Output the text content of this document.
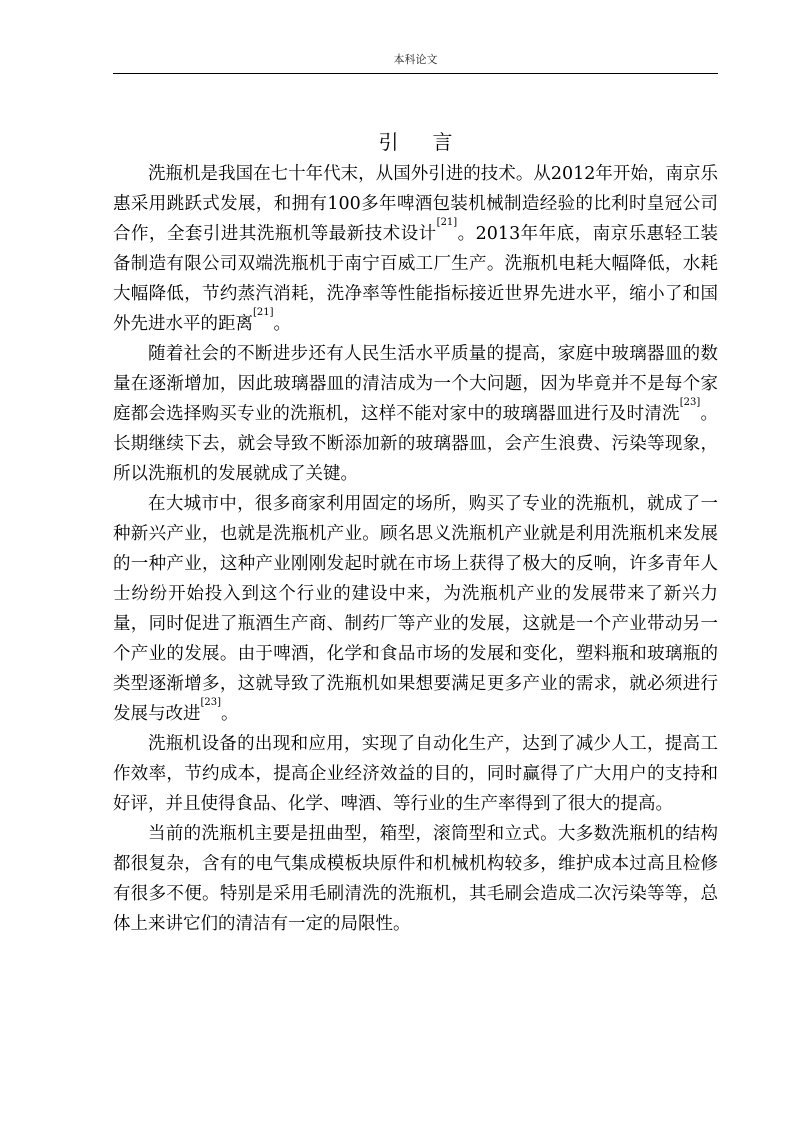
本科论文
引言

洗瓶机是我国在七十年代末，从国外引进的技术。从2012年开始，南京乐惠采用跳跃式发展，和拥有100多年啤酒包装机械制造经验的比利时皇冠公司合作，全套引进其洗瓶机等最新技术设计[21]。2013年年底，南京乐惠轻工装备制造有限公司双端洗瓶机于南宁百威工厂生产。洗瓶机电耗大幅降低，水耗大幅降低，节约蒸汽消耗，洗净率等性能指标接近世界先进水平，缩小了和国外先进水平的距离[21]。

随着社会的不断进步还有人民生活水平质量的提高，家庭中玻璃器皿的数量在逐渐增加，因此玻璃器皿的清洁成为一个大问题，因为毕竟并不是每个家庭都会选择购买专业的洗瓶机，这样不能对家中的玻璃器皿进行及时清洗[23]。长期继续下去，就会导致不断添加新的玻璃器皿，会产生浪费、污染等现象，所以洗瓶机的发展就成了关键。

在大城市中，很多商家利用固定的场所，购买了专业的洗瓶机，就成了一种新兴产业，也就是洗瓶机产业。顾名思义洗瓶机产业就是利用洗瓶机来发展的一种产业，这种产业刚刚发起时就在市场上获得了极大的反响，许多青年人士纷纷开始投入到这个行业的建设中来，为洗瓶机产业的发展带来了新兴力量，同时促进了瓶酒生产商、制药厂等产业的发展，这就是一个产业带动另一个产业的发展。由于啤酒，化学和食品市场的发展和变化，塑料瓶和玻璃瓶的类型逐渐增多，这就导致了洗瓶机如果想要满足更多产业的需求，就必须进行发展与改进[23]。

洗瓶机设备的出现和应用，实现了自动化生产，达到了减少人工，提高工作效率，节约成本，提高企业经济效益的目的，同时赢得了广大用户的支持和好评，并且使得食品、化学、啤酒、等行业的生产率得到了很大的提高。

当前的洗瓶机主要是扭曲型，箱型，滚筒型和立式。大多数洗瓶机的结构都很复杂，含有的电气集成模板块原件和机械机构较多，维护成本过高且检修有很多不便。特别是采用毛刷清洗的洗瓶机，其毛刷会造成二次污染等等，总体上来讲它们的清洁有一定的局限性。
